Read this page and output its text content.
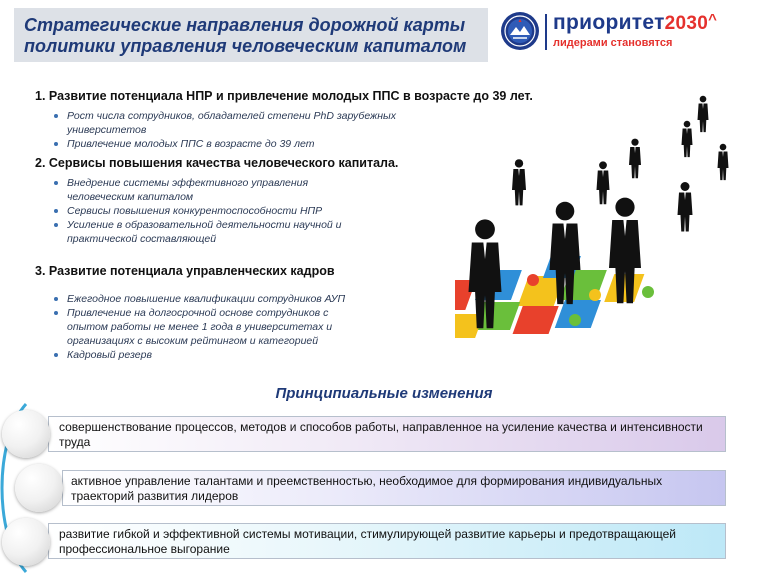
Стратегические направления дорожной карты
политики управления человеческим капиталом
приоритет2030^
лидерами становятся
1. Развитие потенциала НПР и привлечение молодых ППС в возрасте до 39 лет.
Рост числа сотрудников, обладателей степени PhD зарубежных университетов
Привлечение молодых ППС в возрасте до 39 лет
2. Сервисы повышения качества человеческого капитала.
Внедрение системы эффективного управления человеческим капиталом
Сервисы повышения конкурентоспособности НПР
Усиление в образовательной деятельности научной и практической составляющей
3. Развитие потенциала управленческих кадров
Ежегодное повышение квалификации сотрудников АУП
Привлечение на долгосрочной основе сотрудников с опытом работы не менее 1 года в университетах и организациях с высоким рейтингом и категорией
Кадровый резерв
Принципиальные изменения
совершенствование процессов, методов и способов работы, направленное на усиление качества и интенсивности труда
активное управление талантами и преемственностью, необходимое для формирования индивидуальных траекторий развития лидеров
развитие гибкой и эффективной системы мотивации, стимулирующей развитие карьеры и предотвращающей профессиональное выгорание
